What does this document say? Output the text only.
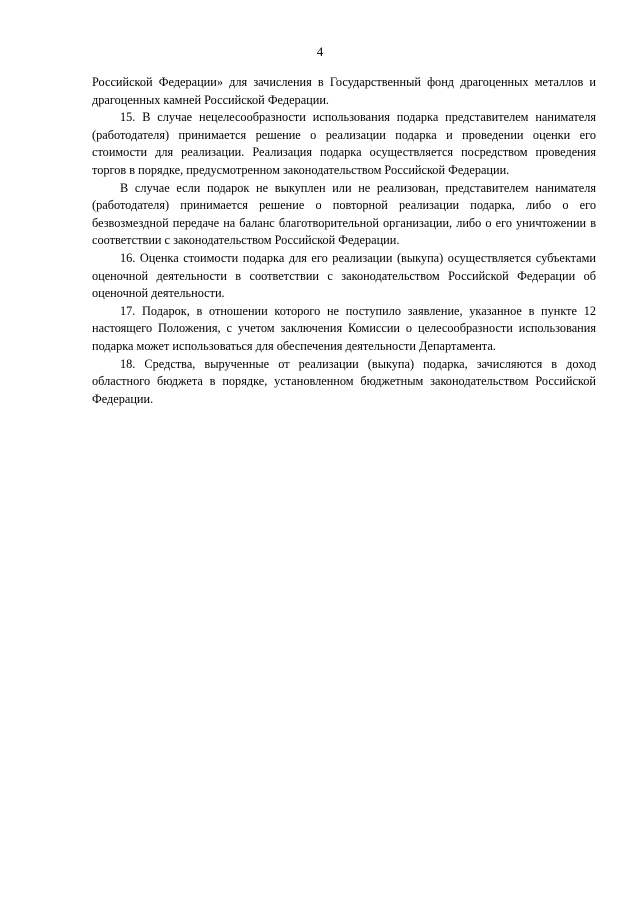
4

Российской Федерации» для зачисления в Государственный фонд драгоценных металлов и драгоценных камней Российской Федерации.

15. В случае нецелесообразности использования подарка представителем нанимателя (работодателя) принимается решение о реализации подарка и проведении оценки его стоимости для реализации. Реализация подарка осуществляется посредством проведения торгов в порядке, предусмотренном законодательством Российской Федерации.

В случае если подарок не выкуплен или не реализован, представителем нанимателя (работодателя) принимается решение о повторной реализации подарка, либо о его безвозмездной передаче на баланс благотворительной организации, либо о его уничтожении в соответствии с законодательством Российской Федерации.

16. Оценка стоимости подарка для его реализации (выкупа) осуществляется субъектами оценочной деятельности в соответствии с законодательством Российской Федерации об оценочной деятельности.

17. Подарок, в отношении которого не поступило заявление, указанное в пункте 12 настоящего Положения, с учетом заключения Комиссии о целесообразности использования подарка может использоваться для обеспечения деятельности Департамента.

18. Средства, вырученные от реализации (выкупа) подарка, зачисляются в доход областного бюджета в порядке, установленном бюджетным законодательством Российской Федерации.
